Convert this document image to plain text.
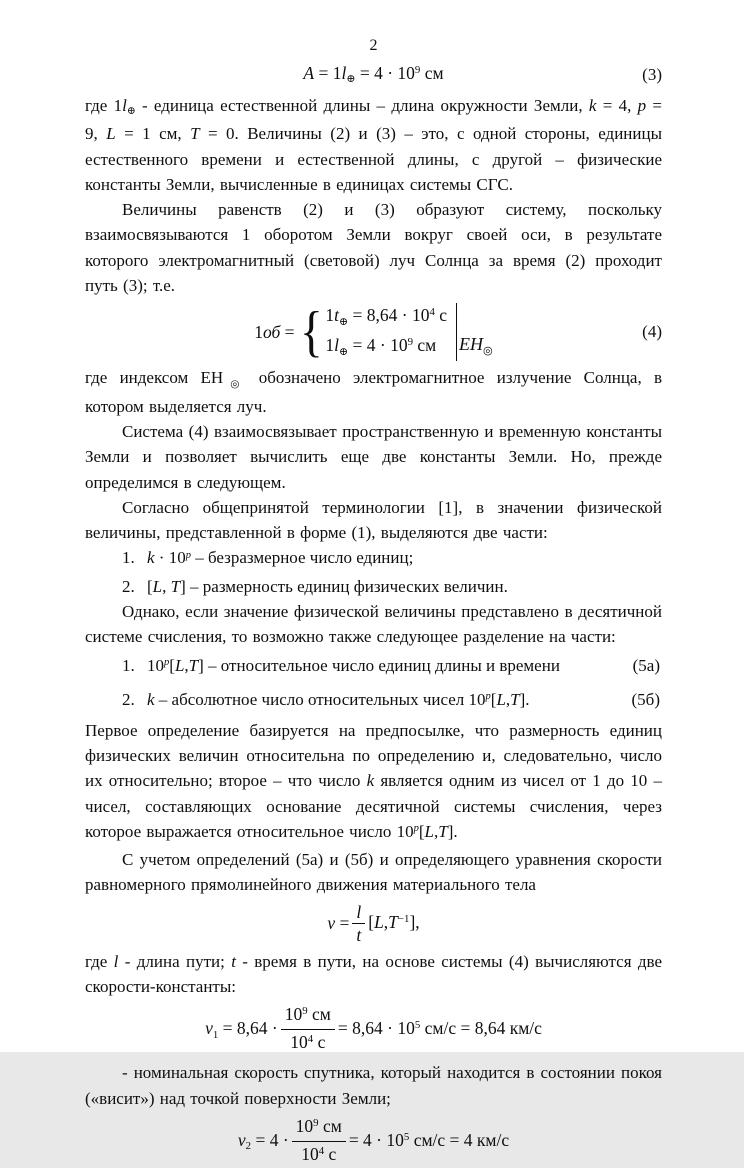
2
A = 1l⊕ = $4 \cdot 10^9$ см	(3)

где 1l⊕ - единица естественной длины – длина окружности Земли, k = 4, p = 9, L = 1 см, T = 0. Величины (2) и (3) – это, с одной стороны, единицы естественного времени и естественной длины, с другой – физические константы Земли, вычисленные в единицах системы СГС.

Величины равенств (2) и (3) образуют систему, поскольку взаимосвязываются 1 оборотом Земли вокруг своей оси, в результате которого электромагнитный (световой) луч Солнца за время (2) проходит путь (3); т.е.

1об = { 1t⊕ = $8,64 \cdot 10^4$ с
1l⊕ = $4 \cdot 10^9$ см	EH◎
(4)

где индексом ЕН◎ обозначено электромагнитное излучение Солнца, в котором выделяется луч.

Система (4) взаимосвязывает пространственную и временную константы Земли и позволяет вычислить еще две константы Земли. Но, прежде определимся в следующем.

Согласно общепринятой терминологии [1], в значении физической величины, представленной в форме (1), выделяются две части:

1. $k \cdot 10^p$ – безразмерное число единиц;
2. [L, T] – размерность единиц физических величин.

Однако, если значение физической величины представлено в десятичной системе счисления, то возможно также следующее разделение на части:

1. 10$^p$[L,T] – относительное число единиц длины и времени	(5а)
2. k – абсолютное число относительных чисел 10$^p$[L,T].	(5б)

Первое определение базируется на предпосылке, что размерность единиц физических величин относительна по определению и, следовательно, число их относительно; второе – что число k является одним из чисел от 1 до 10 – чисел, составляющих основание десятичной системы счисления, через которое выражается относительное число 10$^p$[L,T].

С учетом определений (5а) и (5б) и определяющего уравнения скорости равномерного прямолинейного движения материального тела

$v = \frac{l}{t} [L,T^{-1}]$,

где l - длина пути; t - время в пути, на основе системы (4) вычисляются две скорости-константы:

$v1 = 8,64 \cdot \frac{10^9 см}{10^4 с} = 8,64 \cdot 10^5$ см/с = 8,64 км/с

- номинальная скорость спутника, который находится в состоянии покоя («висит») над точкой поверхности Земли;

$v2 = 4 \cdot \frac{10^9 см}{10^4 с} = 4 \cdot 10^5$ см/с = 4 км/с
